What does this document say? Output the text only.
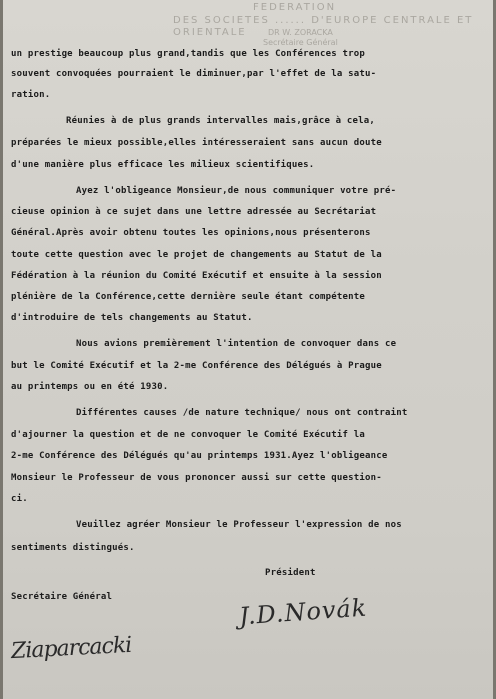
FEDERATION
DES SOCIETES ...... D'EUROPE CENTRALE ET ORIENTALE	DR W. ZORACKA
Secrétaire Général
un prestige beaucoup plus grand,tandis que les Conférences trop
souvent convoquées pourraient le diminuer,par l'effet de la satu-
ration.
Réunies à de plus grands intervalles mais,grâce à cela,
préparées le mieux possible,elles intéresseraient sans aucun doute
d'une manière plus efficace les milieux scientifiques.
Ayez l'obligeance Monsieur,de nous communiquer votre pré-
cieuse opinion à ce sujet dans une lettre adressée au Secrétariat
Général.Après avoir obtenu toutes les opinions,nous présenterons
toute cette question avec le projet de changements au Statut de la
Fédération à la réunion du Comité Exécutif et ensuite à la session
plénière de la Conférence,cette dernière seule étant compétente
d'introduire de tels changements au Statut.
Nous avions premièrement l'intention de convoquer dans ce
but le Comité Exécutif et la 2-me Conférence des Délégués à Prague
au printemps ou en été 1930.
Différentes causes /de nature technique/ nous ont contraint
d'ajourner la question et de ne convoquer le Comité Exécutif la
2-me Conférence des Délégués qu'au printemps 1931.Ayez l'obligeance
Monsieur le Professeur de vous prononcer aussi sur cette question-
ci.
Veuillez agréer Monsieur le Professeur l'expression de nos
sentiments distingués.
Président
Secrétaire Général	J.D.Novák
Ziaparcacki
